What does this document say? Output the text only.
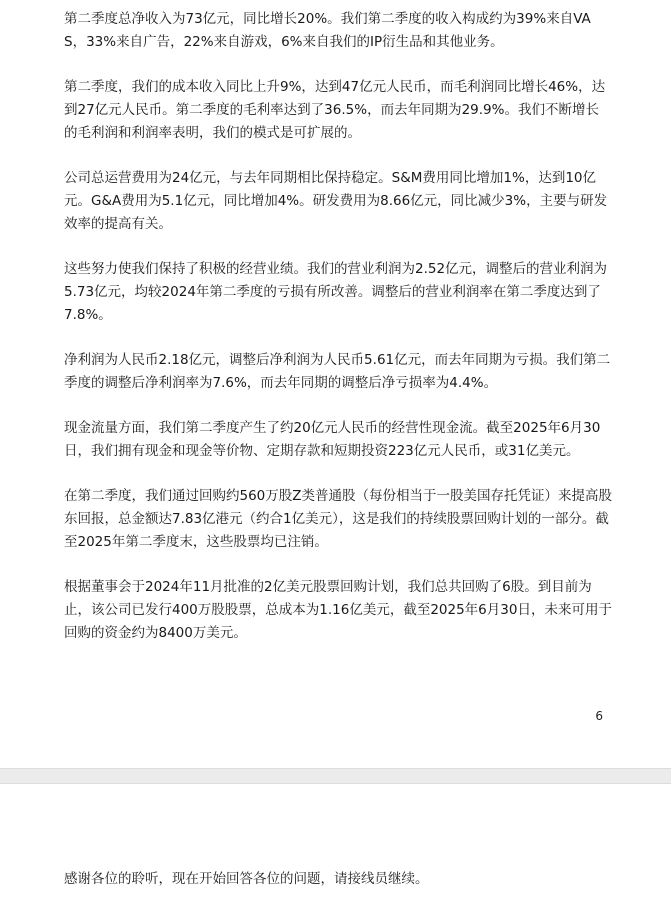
第二季度总净收入为73亿元，同比增长20%。我们第二季度的收入构成约为39%来自VAS，33%来自广告，22%来自游戏，6%来自我们的IP衍生品和其他业务。

第二季度，我们的成本收入同比上升9%，达到47亿元人民币，而毛利润同比增长46%，达到27亿元人民币。第二季度的毛利率达到了36.5%，而去年同期为29.9%。我们不断增长的毛利润和利润率表明，我们的模式是可扩展的。

公司总运营费用为24亿元，与去年同期相比保持稳定。S&M费用同比增加1%，达到10亿元。G&A费用为5.1亿元，同比增加4%。研发费用为8.66亿元，同比减少3%，主要与研发效率的提高有关。

这些努力使我们保持了积极的经营业绩。我们的营业利润为2.52亿元，调整后的营业利润为5.73亿元，均较2024年第二季度的亏损有所改善。调整后的营业利润率在第二季度达到了7.8%。

净利润为人民币2.18亿元，调整后净利润为人民币5.61亿元，而去年同期为亏损。我们第二季度的调整后净利润率为7.6%，而去年同期的调整后净亏损率为4.4%。

现金流量方面，我们第二季度产生了约20亿元人民币的经营性现金流。截至2025年6月30日，我们拥有现金和现金等价物、定期存款和短期投资223亿元人民币，或31亿美元。

在第二季度，我们通过回购约560万股Z类普通股（每份相当于一股美国存托凭证）来提高股东回报，总金额达7.83亿港元（约合1亿美元），这是我们的持续股票回购计划的一部分。截至2025年第二季度末，这些股票均已注销。

根据董事会于2024年11月批准的2亿美元股票回购计划，我们总共回购了6股。到目前为止，该公司已发行400万股股票，总成本为1.16亿美元，截至2025年6月30日，未来可用于回购的资金约为8400万美元。

6

感谢各位的聆听，现在开始回答各位的问题，请接线员继续。
